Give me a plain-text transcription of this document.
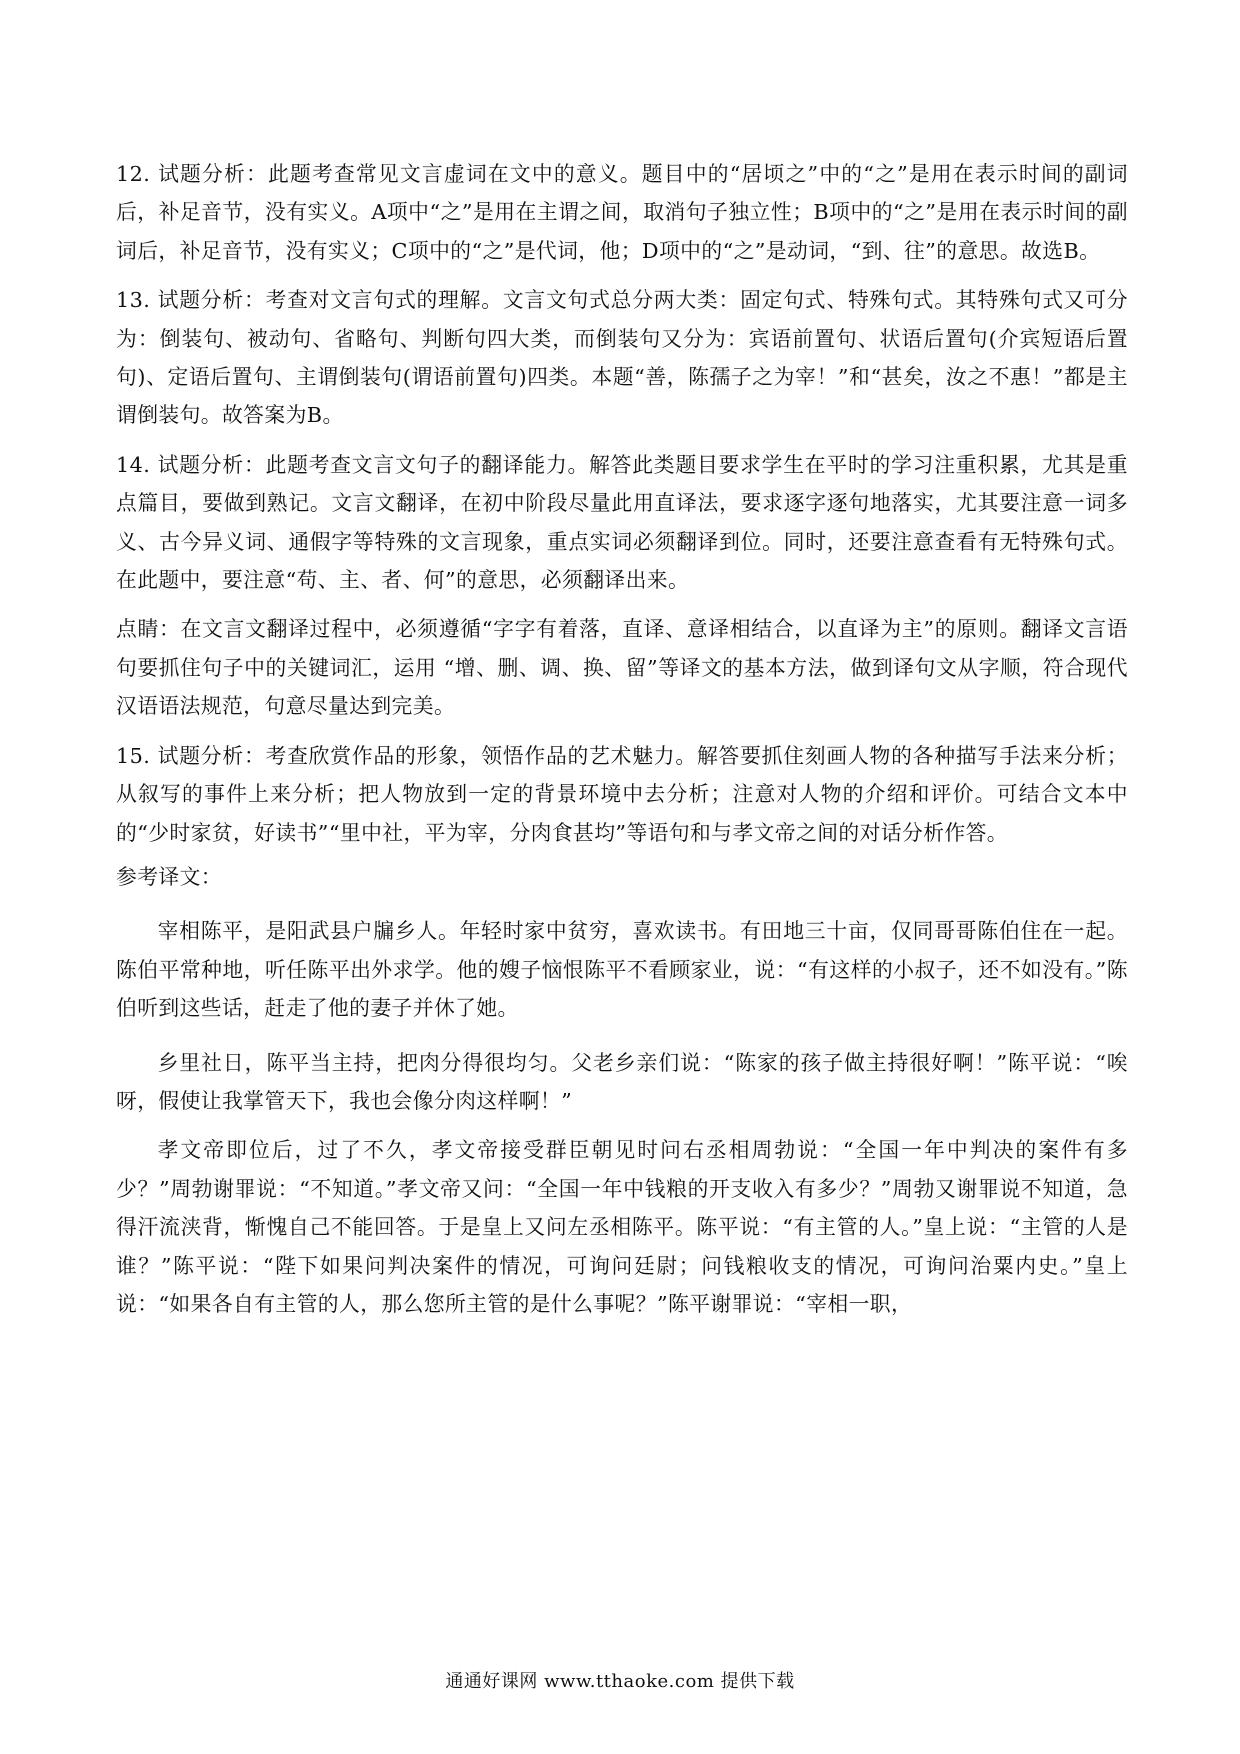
12. 试题分析：此题考查常见文言虚词在文中的意义。题目中的“居顷之”中的“之”是用在表示时间的副词后，补足音节，没有实义。A项中“之”是用在主谓之间，取消句子独立性；B项中的“之”是用在表示时间的副词后，补足音节，没有实义；C项中的“之”是代词，他；D项中的“之”是动词，“到、往”的意思。故选B。

13. 试题分析：考查对文言句式的理解。文言文句式总分两大类：固定句式、特殊句式。其特殊句式又可分为：倒装句、被动句、省略句、判断句四大类，而倒装句又分为：宾语前置句、状语后置句(介宾短语后置句)、定语后置句、主谓倒装句(谓语前置句)四类。本题“善，陈孺子之为宰！”和“甚矣，汝之不惠！”都是主谓倒装句。故答案为B。

14. 试题分析：此题考查文言文句子的翻译能力。解答此类题目要求学生在平时的学习注重积累，尤其是重点篇目，要做到熟记。文言文翻译，在初中阶段尽量此用直译法，要求逐字逐句地落实，尤其要注意一词多义、古今异义词、通假字等特殊的文言现象，重点实词必须翻译到位。同时，还要注意查看有无特殊句式。在此题中，要注意“苟、主、者、何”的意思，必须翻译出来。

点睛：在文言文翻译过程中，必须遵循“字字有着落，直译、意译相结合，以直译为主”的原则。翻译文言语句要抓住句子中的关键词汇，运用 “增、删、调、换、留”等译文的基本方法，做到译句文从字顺，符合现代汉语语法规范，句意尽量达到完美。

15. 试题分析：考查欣赏作品的形象，领悟作品的艺术魅力。解答要抓住刻画人物的各种描写手法来分析；从叙写的事件上来分析；把人物放到一定的背景环境中去分析；注意对人物的介绍和评价。可结合文本中的“少时家贫，好读书”“里中社，平为宰，分肉食甚均”等语句和与孝文帝之间的对话分析作答。

参考译文：

宰相陈平，是阳武县户牖乡人。年轻时家中贫穷，喜欢读书。有田地三十亩，仅同哥哥陈伯住在一起。陈伯平常种地，听任陈平出外求学。他的嫂子恼恨陈平不看顾家业，说：“有这样的小叔子，还不如没有。”陈伯听到这些话，赶走了他的妻子并休了她。

乡里社日，陈平当主持，把肉分得很均匀。父老乡亲们说：“陈家的孩子做主持很好啊！”陈平说：“唉呀，假使让我掌管天下，我也会像分肉这样啊！”

孝文帝即位后，过了不久，孝文帝接受群臣朝见时问右丞相周勃说：“全国一年中判决的案件有多少？”周勃谢罪说：“不知道。”孝文帝又问：“全国一年中钱粮的开支收入有多少？”周勃又谢罪说不知道，急得汗流浃背，惭愧自己不能回答。于是皇上又问左丞相陈平。陈平说：“有主管的人。”皇上说：“主管的人是谁？”陈平说：“陛下如果问判决案件的情况，可询问廷尉；问钱粮收支的情况，可询问治粟内史。”皇上说：“如果各自有主管的人，那么您所主管的是什么事呢？”陈平谢罪说：“宰相一职，

通通好课网 www.tthaoke.com 提供下载
